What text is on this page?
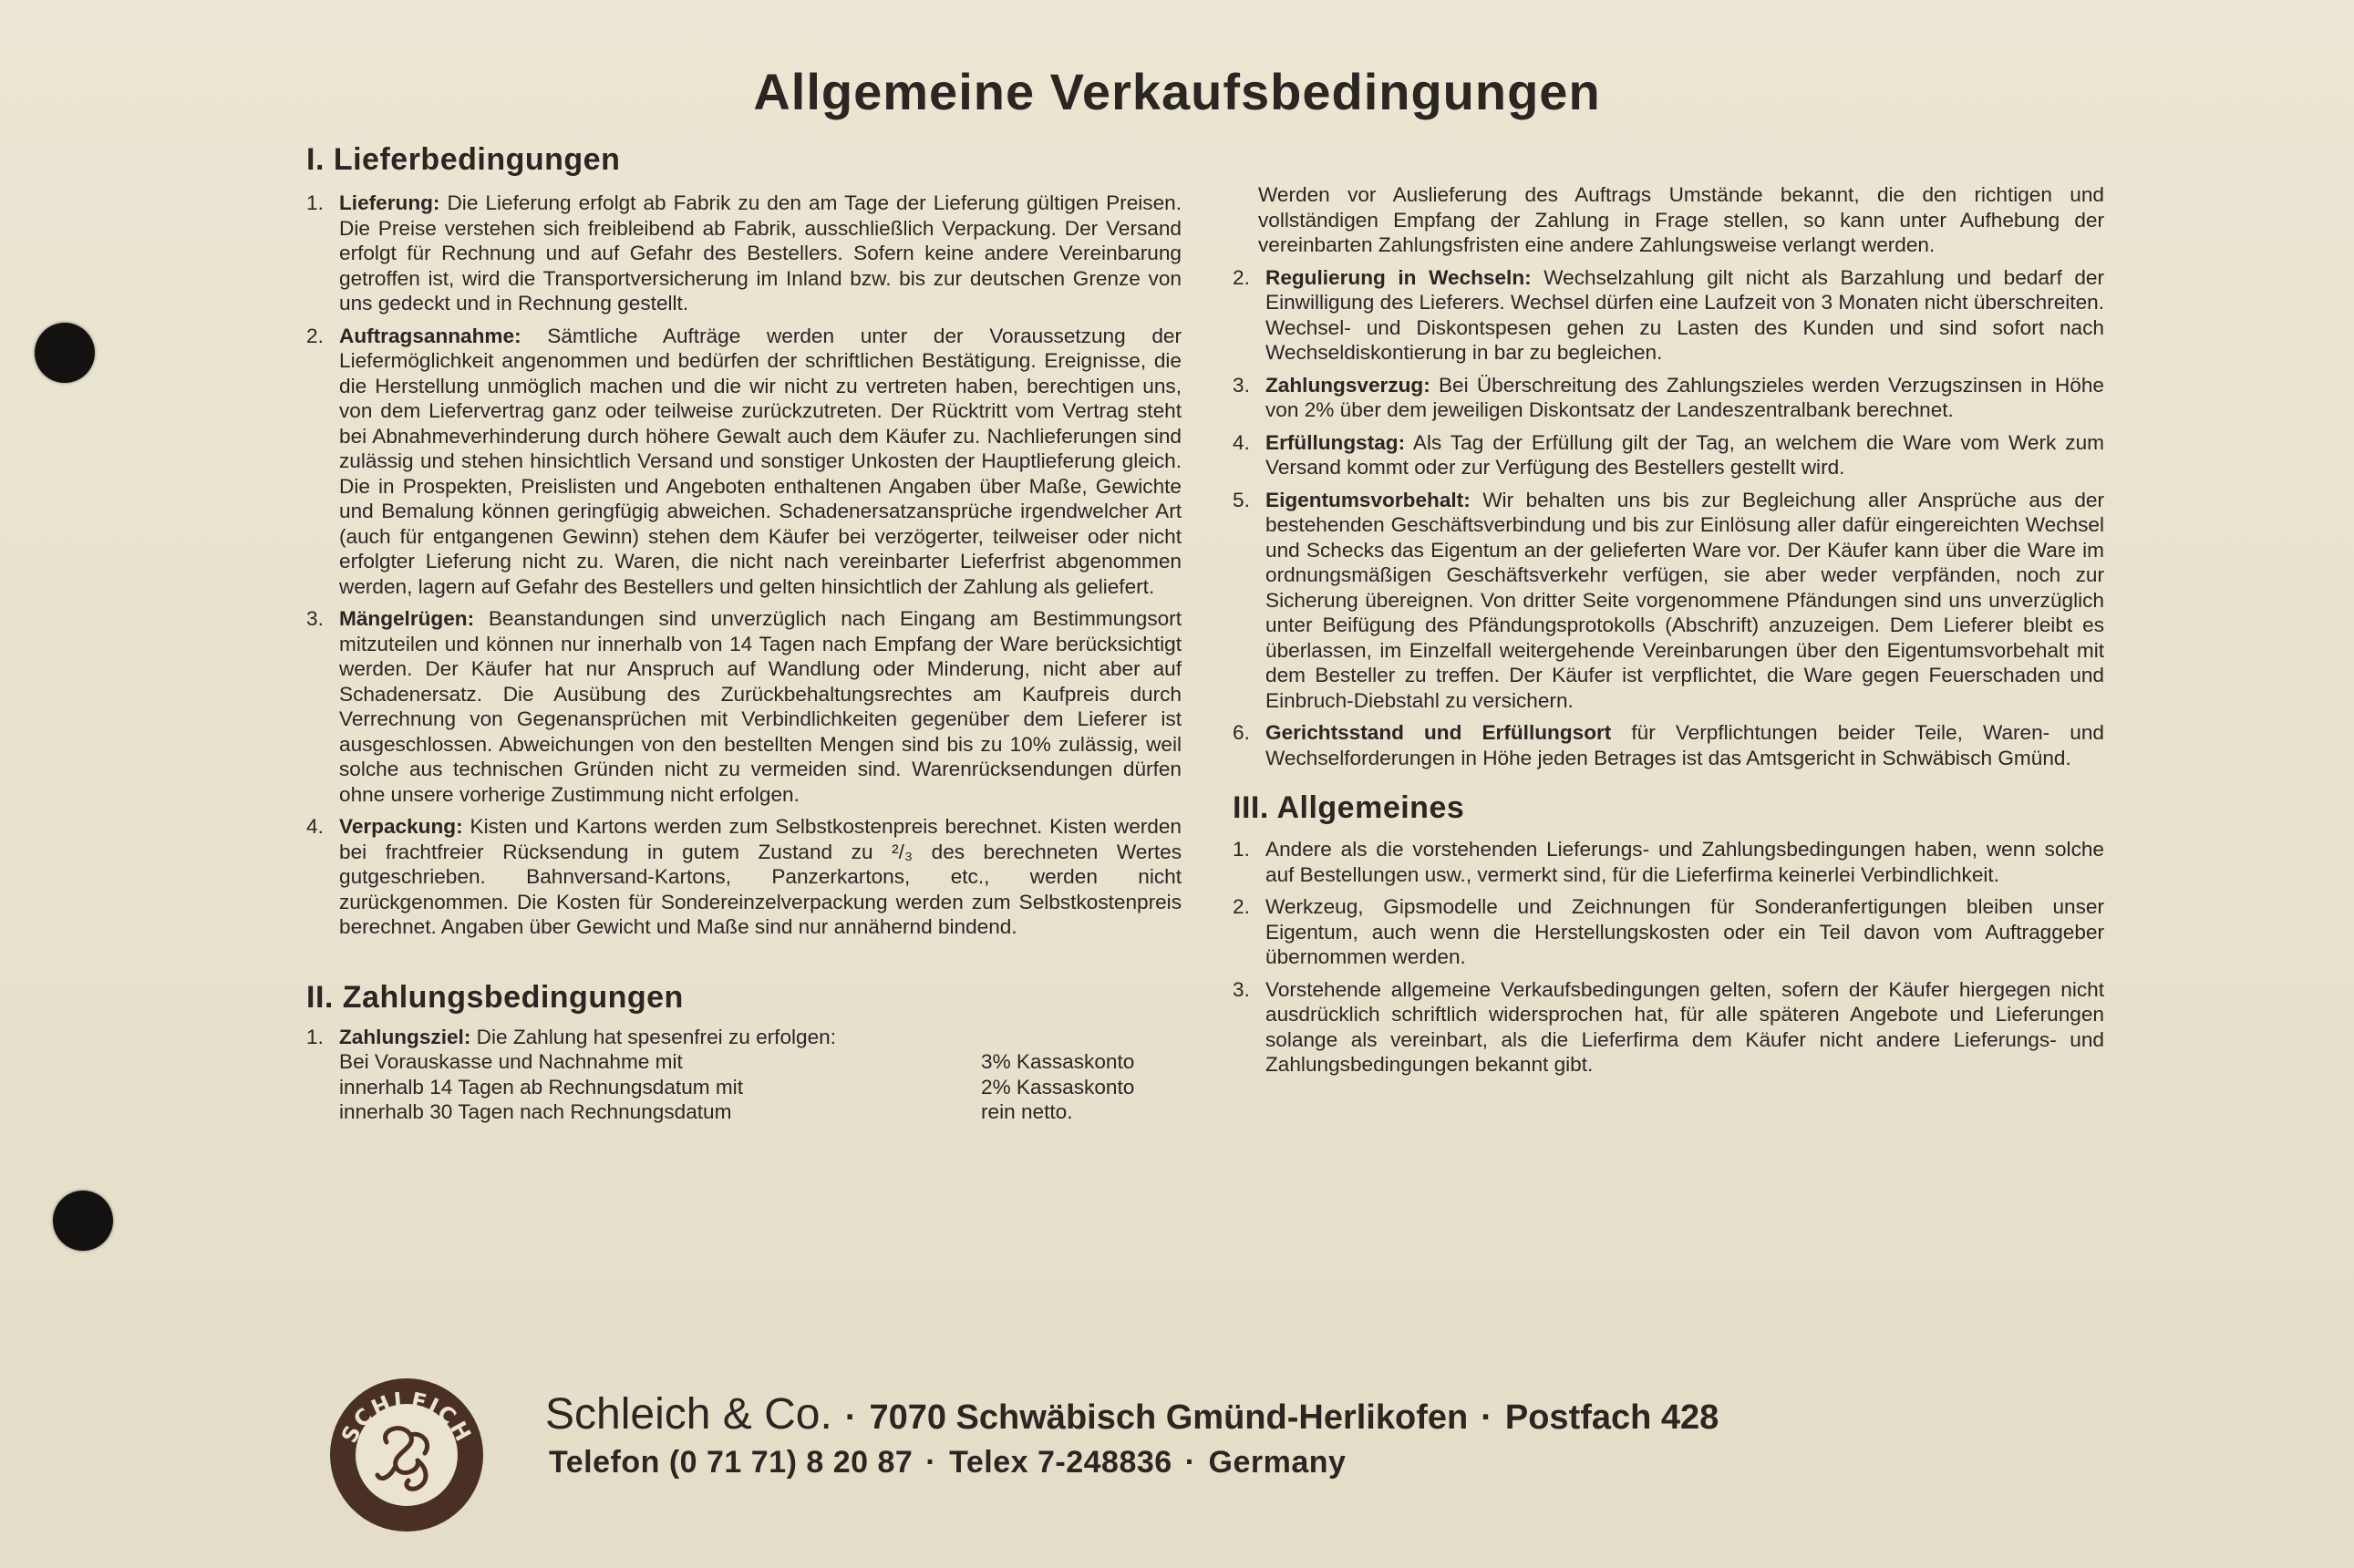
Allgemeine Verkaufsbedingungen
I. Lieferbedingungen
1. Lieferung: Die Lieferung erfolgt ab Fabrik zu den am Tage der Lieferung gültigen Preisen. Die Preise verstehen sich freibleibend ab Fabrik, ausschließlich Verpackung. Der Versand erfolgt für Rechnung und auf Gefahr des Bestellers. Sofern keine andere Vereinbarung getroffen ist, wird die Transportversicherung im Inland bzw. bis zur deutschen Grenze von uns gedeckt und in Rechnung gestellt.
2. Auftragsannahme: Sämtliche Aufträge werden unter der Voraussetzung der Liefermöglichkeit angenommen und bedürfen der schriftlichen Bestätigung. Ereignisse, die die Herstellung unmöglich machen und die wir nicht zu vertreten haben, berechtigen uns, von dem Liefervertrag ganz oder teilweise zurückzutreten. Der Rücktritt vom Vertrag steht bei Abnahmeverhinderung durch höhere Gewalt auch dem Käufer zu. Nachlieferungen sind zulässig und stehen hinsichtlich Versand und sonstiger Unkosten der Hauptlieferung gleich. Die in Prospekten, Preislisten und Angeboten enthaltenen Angaben über Maße, Gewichte und Bemalung können geringfügig abweichen. Schadenersatzansprüche irgendwelcher Art (auch für entgangenen Gewinn) stehen dem Käufer bei verzögerter, teilweiser oder nicht erfolgter Lieferung nicht zu. Waren, die nicht nach vereinbarter Lieferfrist abgenommen werden, lagern auf Gefahr des Bestellers und gelten hinsichtlich der Zahlung als geliefert.
3. Mängelrügen: Beanstandungen sind unverzüglich nach Eingang am Bestimmungsort mitzuteilen und können nur innerhalb von 14 Tagen nach Empfang der Ware berücksichtigt werden. Der Käufer hat nur Anspruch auf Wandlung oder Minderung, nicht aber auf Schadenersatz. Die Ausübung des Zurückbehaltungsrechtes am Kaufpreis durch Verrechnung von Gegenansprüchen mit Verbindlichkeiten gegenüber dem Lieferer ist ausgeschlossen. Abweichungen von den bestellten Mengen sind bis zu 10% zulässig, weil solche aus technischen Gründen nicht zu vermeiden sind. Warenrücksendungen dürfen ohne unsere vorherige Zustimmung nicht erfolgen.
4. Verpackung: Kisten und Kartons werden zum Selbstkostenpreis berechnet. Kisten werden bei frachtfreier Rücksendung in gutem Zustand zu ²/₃ des berechneten Wertes gutgeschrieben. Bahnversand-Kartons, Panzerkartons, etc., werden nicht zurückgenommen. Die Kosten für Sondereinzelverpackung werden zum Selbstkostenpreis berechnet. Angaben über Gewicht und Maße sind nur annähernd bindend.
II. Zahlungsbedingungen
1. Zahlungsziel: Die Zahlung hat spesenfrei zu erfolgen:
Bei Vorauskasse und Nachnahme mit	3% Kassaskonto
innerhalb 14 Tagen ab Rechnungsdatum mit	2% Kassaskonto
innerhalb 30 Tagen nach Rechnungsdatum	rein netto.
Werden vor Auslieferung des Auftrags Umstände bekannt, die den richtigen und vollständigen Empfang der Zahlung in Frage stellen, so kann unter Aufhebung der vereinbarten Zahlungsfristen eine andere Zahlungsweise verlangt werden.
2. Regulierung in Wechseln: Wechselzahlung gilt nicht als Barzahlung und bedarf der Einwilligung des Lieferers. Wechsel dürfen eine Laufzeit von 3 Monaten nicht überschreiten. Wechsel- und Diskontspesen gehen zu Lasten des Kunden und sind sofort nach Wechseldiskontierung in bar zu begleichen.
3. Zahlungsverzug: Bei Überschreitung des Zahlungszieles werden Verzugszinsen in Höhe von 2% über dem jeweiligen Diskontsatz der Landeszentralbank berechnet.
4. Erfüllungstag: Als Tag der Erfüllung gilt der Tag, an welchem die Ware vom Werk zum Versand kommt oder zur Verfügung des Bestellers gestellt wird.
5. Eigentumsvorbehalt: Wir behalten uns bis zur Begleichung aller Ansprüche aus der bestehenden Geschäftsverbindung und bis zur Einlösung aller dafür eingereichten Wechsel und Schecks das Eigentum an der gelieferten Ware vor. Der Käufer kann über die Ware im ordnungsmäßigen Geschäftsverkehr verfügen, sie aber weder verpfänden, noch zur Sicherung übereignen. Von dritter Seite vorgenommene Pfändungen sind uns unverzüglich unter Beifügung des Pfändungsprotokolls (Abschrift) anzuzeigen. Dem Lieferer bleibt es überlassen, im Einzelfall weitergehende Vereinbarungen über den Eigentumsvorbehalt mit dem Besteller zu treffen. Der Käufer ist verpflichtet, die Ware gegen Feuerschaden und Einbruch-Diebstahl zu versichern.
6. Gerichtsstand und Erfüllungsort für Verpflichtungen beider Teile, Waren- und Wechselforderungen in Höhe jeden Betrages ist das Amtsgericht in Schwäbisch Gmünd.
III. Allgemeines
1. Andere als die vorstehenden Lieferungs- und Zahlungsbedingungen haben, wenn solche auf Bestellungen usw., vermerkt sind, für die Lieferfirma keinerlei Verbindlichkeit.
2. Werkzeug, Gipsmodelle und Zeichnungen für Sonderanfertigungen bleiben unser Eigentum, auch wenn die Herstellungskosten oder ein Teil davon vom Auftraggeber übernommen werden.
3. Vorstehende allgemeine Verkaufsbedingungen gelten, sofern der Käufer hiergegen nicht ausdrücklich schriftlich widersprochen hat, für alle späteren Angebote und Lieferungen solange als vereinbart, als die Lieferfirma dem Käufer nicht andere Lieferungs- und Zahlungsbedingungen bekannt gibt.
SCHLEICH Schleich & Co. · 7070 Schwäbisch Gmünd-Herlikofen · Postfach 428
Telefon (0 71 71) 8 20 87 · Telex 7-248836 · Germany
